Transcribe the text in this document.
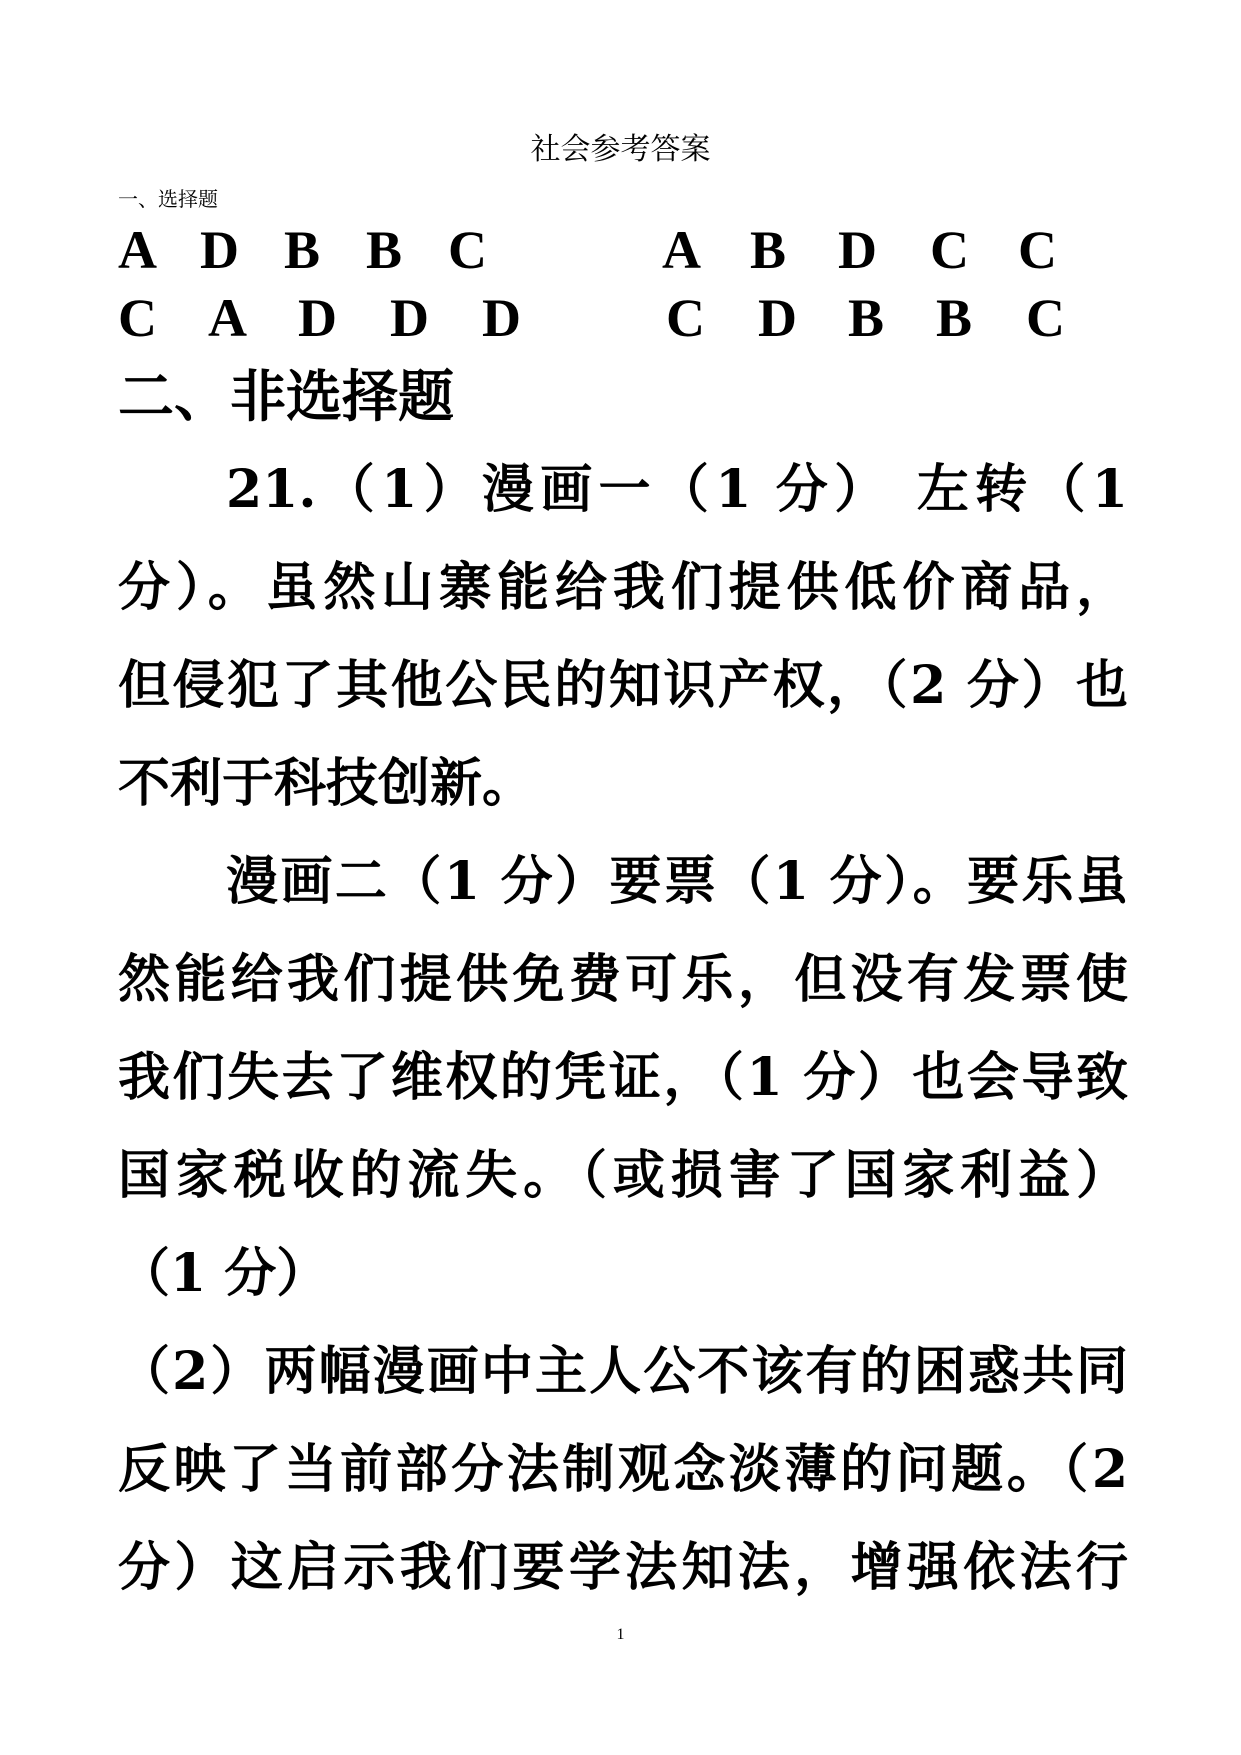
社会参考答案
一、选择题
A D B B C	A B D C C
C A D D D	C D B B C
二、非选择题
21.（1）漫画一（1 分） 左转（1
分）。虽然山寨能给我们提供低价商品，
但侵犯了其他公民的知识产权，（2 分）也
不利于科技创新。
漫画二（1 分）要票（1 分）。要乐虽
然能给我们提供免费可乐，但没有发票使
我们失去了维权的凭证，（1 分）也会导致
国家税收的流失。（或损害了国家利益）
（1 分）
（2）两幅漫画中主人公不该有的困惑共同
反映了当前部分法制观念淡薄的问题。（2
分）这启示我们要学法知法，增强依法行
1
